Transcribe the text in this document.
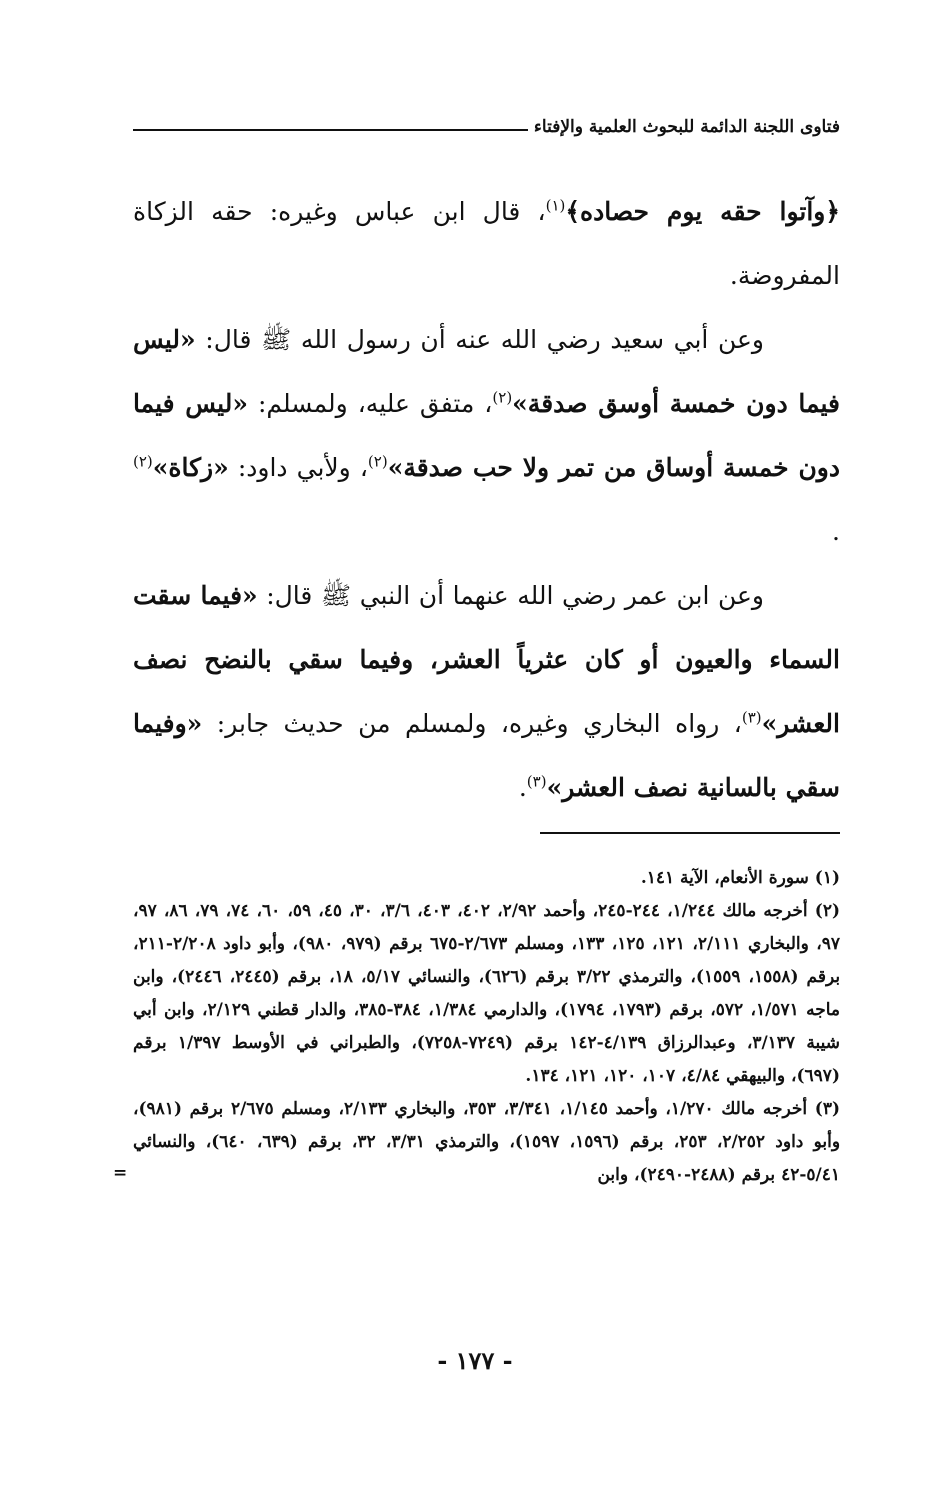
فتاوى اللجنة الدائمة للبحوث العلمية والإفتاء

﴿وآتوا حقه يوم حصاده﴾$^{(١)}$، قال ابن عباس وغيره: حقه الزكاة المفروضة.

وعن أبي سعيد رضي الله عنه أن رسول الله ﷺ قال: «ليس فيما دون خمسة أوسق صدقة»$^{(٢)}$، متفق عليه، ولمسلم: «ليس فيما دون خمسة أوساق من تمر ولا حب صدقة»$^{(٢)}$، ولأبي داود: «زكاة»$^{(٢)}$ .

وعن ابن عمر رضي الله عنهما أن النبي ﷺ قال: «فيما سقت السماء والعيون أو كان عثرياً العشر، وفيما سقي بالنضح نصف العشر»$^{(٣)}$، رواه البخاري وغيره، ولمسلم من حديث جابر: «وفيما سقي بالسانية نصف العشر»$^{(٣)}$.

(١) سورة الأنعام، الآية ١٤١.

(٢) أخرجه مالك ١/٢٤٤، ٢٤٤-٢٤٥، وأحمد ٢/٩٢، ٤٠٢، ٤٠٣، ٣/٦، ٣٠، ٤٥، ٥٩، ٦٠، ٧٤، ٧٩، ٨٦، ٩٧، ٩٧، والبخاري ٢/١١١، ١٢١، ١٢٥، ١٣٣، ومسلم ٢/٦٧٣-٦٧٥ برقم (٩٧٩، ٩٨٠)، وأبو داود ٢/٢٠٨-٢١١، برقم (١٥٥٨، ١٥٥٩)، والترمذي ٣/٢٢ برقم (٦٢٦)، والنسائي ٥/١٧، ١٨، برقم (٢٤٤٥، ٢٤٤٦)، وابن ماجه ١/٥٧١، ٥٧٢، برقم (١٧٩٣، ١٧٩٤)، والدارمي ١/٣٨٤، ٣٨٤-٣٨٥، والدار قطني ٢/١٢٩، وابن أبي شيبة ٣/١٣٧، وعبدالرزاق ٤/١٣٩-١٤٢ برقم (٧٢٤٩-٧٢٥٨)، والطبراني في الأوسط ١/٣٩٧ برقم (٦٩٧)، والبيهقي ٤/٨٤، ١٠٧، ١٢٠، ١٢١، ١٣٤.

(٣) أخرجه مالك ١/٢٧٠، وأحمد ١/١٤٥، ٣/٣٤١، ٣٥٣، والبخاري ٢/١٣٣، ومسلم ٢/٦٧٥ برقم (٩٨١)، وأبو داود ٢/٢٥٢، ٢٥٣، برقم (١٥٩٦، ١٥٩٧)، والترمذي ٣/٣١، ٣٢، برقم (٦٣٩، ٦٤٠)، والنسائي ٥/٤١-٤٢ برقم (٢٤٨٨-٢٤٩٠)، وابن

=
- ١٧٧ -
